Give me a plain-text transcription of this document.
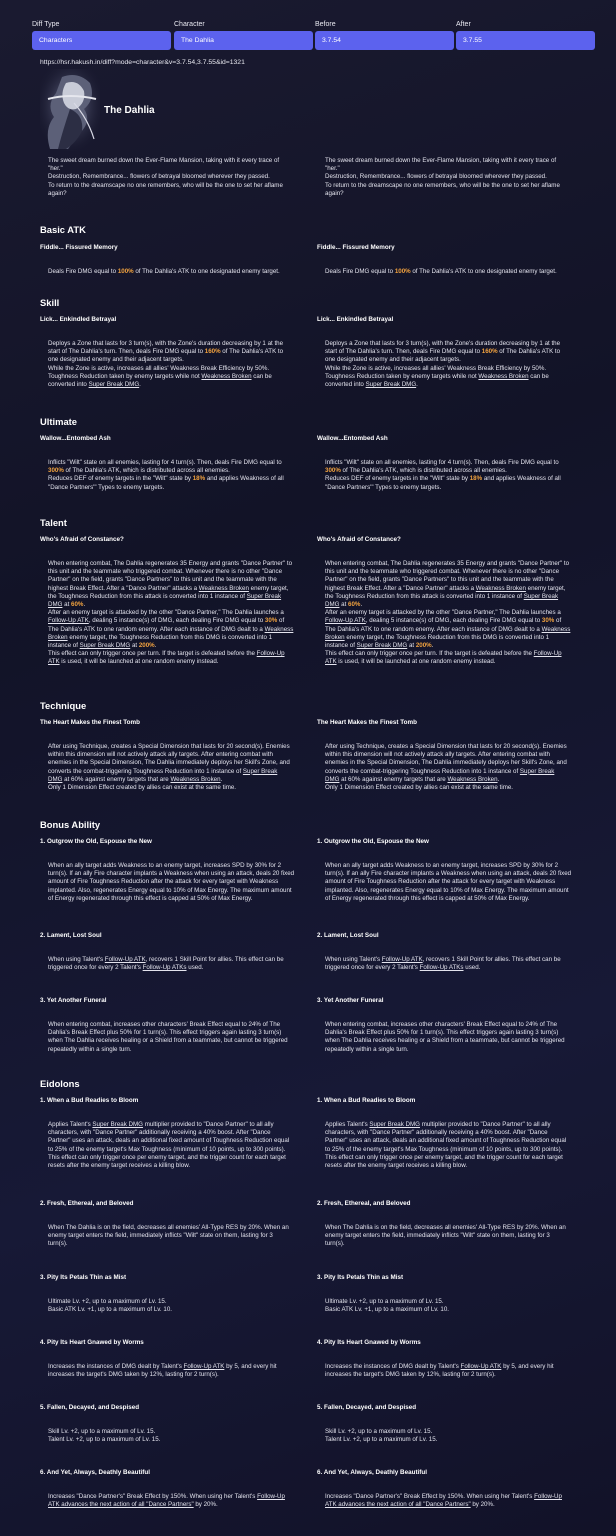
Diff Type
Characters
Character
The Dahlia
Before
3.7.54
After
3.7.55
https://hsr.hakush.in/diff?mode=character&v=3.7.54,3.7.55&id=1321
The Dahlia
Basic ATK
Skill
Ultimate
Talent
Technique
Bonus Ability
Eidolons
The sweet dream burned down the Ever-Flame Mansion, taking with it every trace of
"her."
Destruction, Remembrance... flowers of betrayal bloomed wherever they passed.
To return to the dreamscape no one remembers, who will be the one to set her aflame
again?
The sweet dream burned down the Ever-Flame Mansion, taking with it every trace of
"her."
Destruction, Remembrance... flowers of betrayal bloomed wherever they passed.
To return to the dreamscape no one remembers, who will be the one to set her aflame
again?
Fiddle... Fissured Memory
Deals Fire DMG equal to 100% of The Dahlia's ATK to one designated enemy target.
Fiddle... Fissured Memory
Deals Fire DMG equal to 100% of The Dahlia's ATK to one designated enemy target.
Lick... Enkindled Betrayal
Deploys a Zone that lasts for 3 turn(s), with the Zone's duration decreasing by 1 at the
start of The Dahlia's turn. Then, deals Fire DMG equal to 160% of The Dahlia's ATK to
one designated enemy and their adjacent targets.
While the Zone is active, increases all allies' Weakness Break Efficiency by 50%.
Toughness Reduction taken by enemy targets while not Weakness Broken can be
converted into Super Break DMG.
Lick... Enkindled Betrayal
Deploys a Zone that lasts for 3 turn(s), with the Zone's duration decreasing by 1 at the
start of The Dahlia's turn. Then, deals Fire DMG equal to 160% of The Dahlia's ATK to
one designated enemy and their adjacent targets.
While the Zone is active, increases all allies' Weakness Break Efficiency by 50%.
Toughness Reduction taken by enemy targets while not Weakness Broken can be
converted into Super Break DMG.
Wallow...Entombed Ash
Inflicts "Wilt" state on all enemies, lasting for 4 turn(s). Then, deals Fire DMG equal to
300% of The Dahlia's ATK, which is distributed across all enemies.
Reduces DEF of enemy targets in the "Wilt" state by 18% and applies Weakness of all
"Dance Partners'" Types to enemy targets.
Wallow...Entombed Ash
Inflicts "Wilt" state on all enemies, lasting for 4 turn(s). Then, deals Fire DMG equal to
300% of The Dahlia's ATK, which is distributed across all enemies.
Reduces DEF of enemy targets in the "Wilt" state by 18% and applies Weakness of all
"Dance Partners'" Types to enemy targets.
Who's Afraid of Constance?
When entering combat, The Dahlia regenerates 35 Energy and grants "Dance Partner" to
this unit and the teammate who triggered combat. Whenever there is no other "Dance
Partner" on the field, grants "Dance Partners" to this unit and the teammate with the
highest Break Effect. After a "Dance Partner" attacks a Weakness Broken enemy target,
the Toughness Reduction from this attack is converted into 1 instance of Super Break
DMG at 60%.
After an enemy target is attacked by the other "Dance Partner," The Dahlia launches a
Follow-Up ATK, dealing 5 instance(s) of DMG, each dealing Fire DMG equal to 30% of
The Dahlia's ATK to one random enemy. After each instance of DMG dealt to a Weakness
Broken enemy target, the Toughness Reduction from this DMG is converted into 1
instance of Super Break DMG at 200%.
This effect can only trigger once per turn. If the target is defeated before the Follow-Up
ATK is used, it will be launched at one random enemy instead.
Who's Afraid of Constance?
When entering combat, The Dahlia regenerates 35 Energy and grants "Dance Partner" to
this unit and the teammate who triggered combat. Whenever there is no other "Dance
Partner" on the field, grants "Dance Partners" to this unit and the teammate with the
highest Break Effect. After a "Dance Partner" attacks a Weakness Broken enemy target,
the Toughness Reduction from this attack is converted into 1 instance of Super Break
DMG at 60%.
After an enemy target is attacked by the other "Dance Partner," The Dahlia launches a
Follow-Up ATK, dealing 5 instance(s) of DMG, each dealing Fire DMG equal to 30% of
The Dahlia's ATK to one random enemy. After each instance of DMG dealt to a Weakness
Broken enemy target, the Toughness Reduction from this DMG is converted into 1
instance of Super Break DMG at 200%.
This effect can only trigger once per turn. If the target is defeated before the Follow-Up
ATK is used, it will be launched at one random enemy instead.
The Heart Makes the Finest Tomb
After using Technique, creates a Special Dimension that lasts for 20 second(s). Enemies
within this dimension will not actively attack ally targets. After entering combat with
enemies in the Special Dimension, The Dahlia immediately deploys her Skill's Zone, and
converts the combat-triggering Toughness Reduction into 1 instance of Super Break
DMG at 60% against enemy targets that are Weakness Broken.
Only 1 Dimension Effect created by allies can exist at the same time.
The Heart Makes the Finest Tomb
After using Technique, creates a Special Dimension that lasts for 20 second(s). Enemies
within this dimension will not actively attack ally targets. After entering combat with
enemies in the Special Dimension, The Dahlia immediately deploys her Skill's Zone, and
converts the combat-triggering Toughness Reduction into 1 instance of Super Break
DMG at 60% against enemy targets that are Weakness Broken.
Only 1 Dimension Effect created by allies can exist at the same time.
1. Outgrow the Old, Espouse the New
When an ally target adds Weakness to an enemy target, increases SPD by 30% for 2
turn(s). If an ally Fire character implants a Weakness when using an attack, deals 20 fixed
amount of Fire Toughness Reduction after the attack for every target with Weakness
implanted. Also, regenerates Energy equal to 10% of Max Energy. The maximum amount
of Energy regenerated through this effect is capped at 50% of Max Energy.
1. Outgrow the Old, Espouse the New
When an ally target adds Weakness to an enemy target, increases SPD by 30% for 2
turn(s). If an ally Fire character implants a Weakness when using an attack, deals 20 fixed
amount of Fire Toughness Reduction after the attack for every target with Weakness
implanted. Also, regenerates Energy equal to 10% of Max Energy. The maximum amount
of Energy regenerated through this effect is capped at 50% of Max Energy.
2. Lament, Lost Soul
When using Talent's Follow-Up ATK, recovers 1 Skill Point for allies. This effect can be
triggered once for every 2 Talent's Follow-Up ATKs used.
2. Lament, Lost Soul
When using Talent's Follow-Up ATK, recovers 1 Skill Point for allies. This effect can be
triggered once for every 2 Talent's Follow-Up ATKs used.
3. Yet Another Funeral
When entering combat, increases other characters' Break Effect equal to 24% of The
Dahlia's Break Effect plus 50% for 1 turn(s). This effect triggers again lasting 3 turn(s)
when The Dahlia receives healing or a Shield from a teammate, but cannot be triggered
repeatedly within a single turn.
3. Yet Another Funeral
When entering combat, increases other characters' Break Effect equal to 24% of The
Dahlia's Break Effect plus 50% for 1 turn(s). This effect triggers again lasting 3 turn(s)
when The Dahlia receives healing or a Shield from a teammate, but cannot be triggered
repeatedly within a single turn.
1. When a Bud Readies to Bloom
Applies Talent's Super Break DMG multiplier provided to "Dance Partner" to all ally
characters, with "Dance Partner" additionally receiving a 40% boost. After "Dance
Partner" uses an attack, deals an additional fixed amount of Toughness Reduction equal
to 25% of the enemy target's Max Toughness (minimum of 10 points, up to 300 points).
This effect can only trigger once per enemy target, and the trigger count for each target
resets after the enemy target receives a killing blow.
1. When a Bud Readies to Bloom
Applies Talent's Super Break DMG multiplier provided to "Dance Partner" to all ally
characters, with "Dance Partner" additionally receiving a 40% boost. After "Dance
Partner" uses an attack, deals an additional fixed amount of Toughness Reduction equal
to 25% of the enemy target's Max Toughness (minimum of 10 points, up to 300 points).
This effect can only trigger once per enemy target, and the trigger count for each target
resets after the enemy target receives a killing blow.
2. Fresh, Ethereal, and Beloved
When The Dahlia is on the field, decreases all enemies' All-Type RES by 20%. When an
enemy target enters the field, immediately inflicts "Wilt" state on them, lasting for 3
turn(s).
2. Fresh, Ethereal, and Beloved
When The Dahlia is on the field, decreases all enemies' All-Type RES by 20%. When an
enemy target enters the field, immediately inflicts "Wilt" state on them, lasting for 3
turn(s).
3. Pity Its Petals Thin as Mist
Ultimate Lv. +2, up to a maximum of Lv. 15.
Basic ATK Lv. +1, up to a maximum of Lv. 10.
3. Pity Its Petals Thin as Mist
Ultimate Lv. +2, up to a maximum of Lv. 15.
Basic ATK Lv. +1, up to a maximum of Lv. 10.
4. Pity Its Heart Gnawed by Worms
Increases the instances of DMG dealt by Talent's Follow-Up ATK by 5, and every hit
increases the target's DMG taken by 12%, lasting for 2 turn(s).
4. Pity Its Heart Gnawed by Worms
Increases the instances of DMG dealt by Talent's Follow-Up ATK by 5, and every hit
increases the target's DMG taken by 12%, lasting for 2 turn(s).
5. Fallen, Decayed, and Despised
Skill Lv. +2, up to a maximum of Lv. 15.
Talent Lv. +2, up to a maximum of Lv. 15.
5. Fallen, Decayed, and Despised
Skill Lv. +2, up to a maximum of Lv. 15.
Talent Lv. +2, up to a maximum of Lv. 15.
6. And Yet, Always, Deathly Beautiful
Increases "Dance Partner's" Break Effect by 150%. When using her Talent's Follow-Up
ATK advances the next action of all "Dance Partners" by 20%.
6. And Yet, Always, Deathly Beautiful
Increases "Dance Partner's" Break Effect by 150%. When using her Talent's Follow-Up
ATK advances the next action of all "Dance Partners" by 20%.
